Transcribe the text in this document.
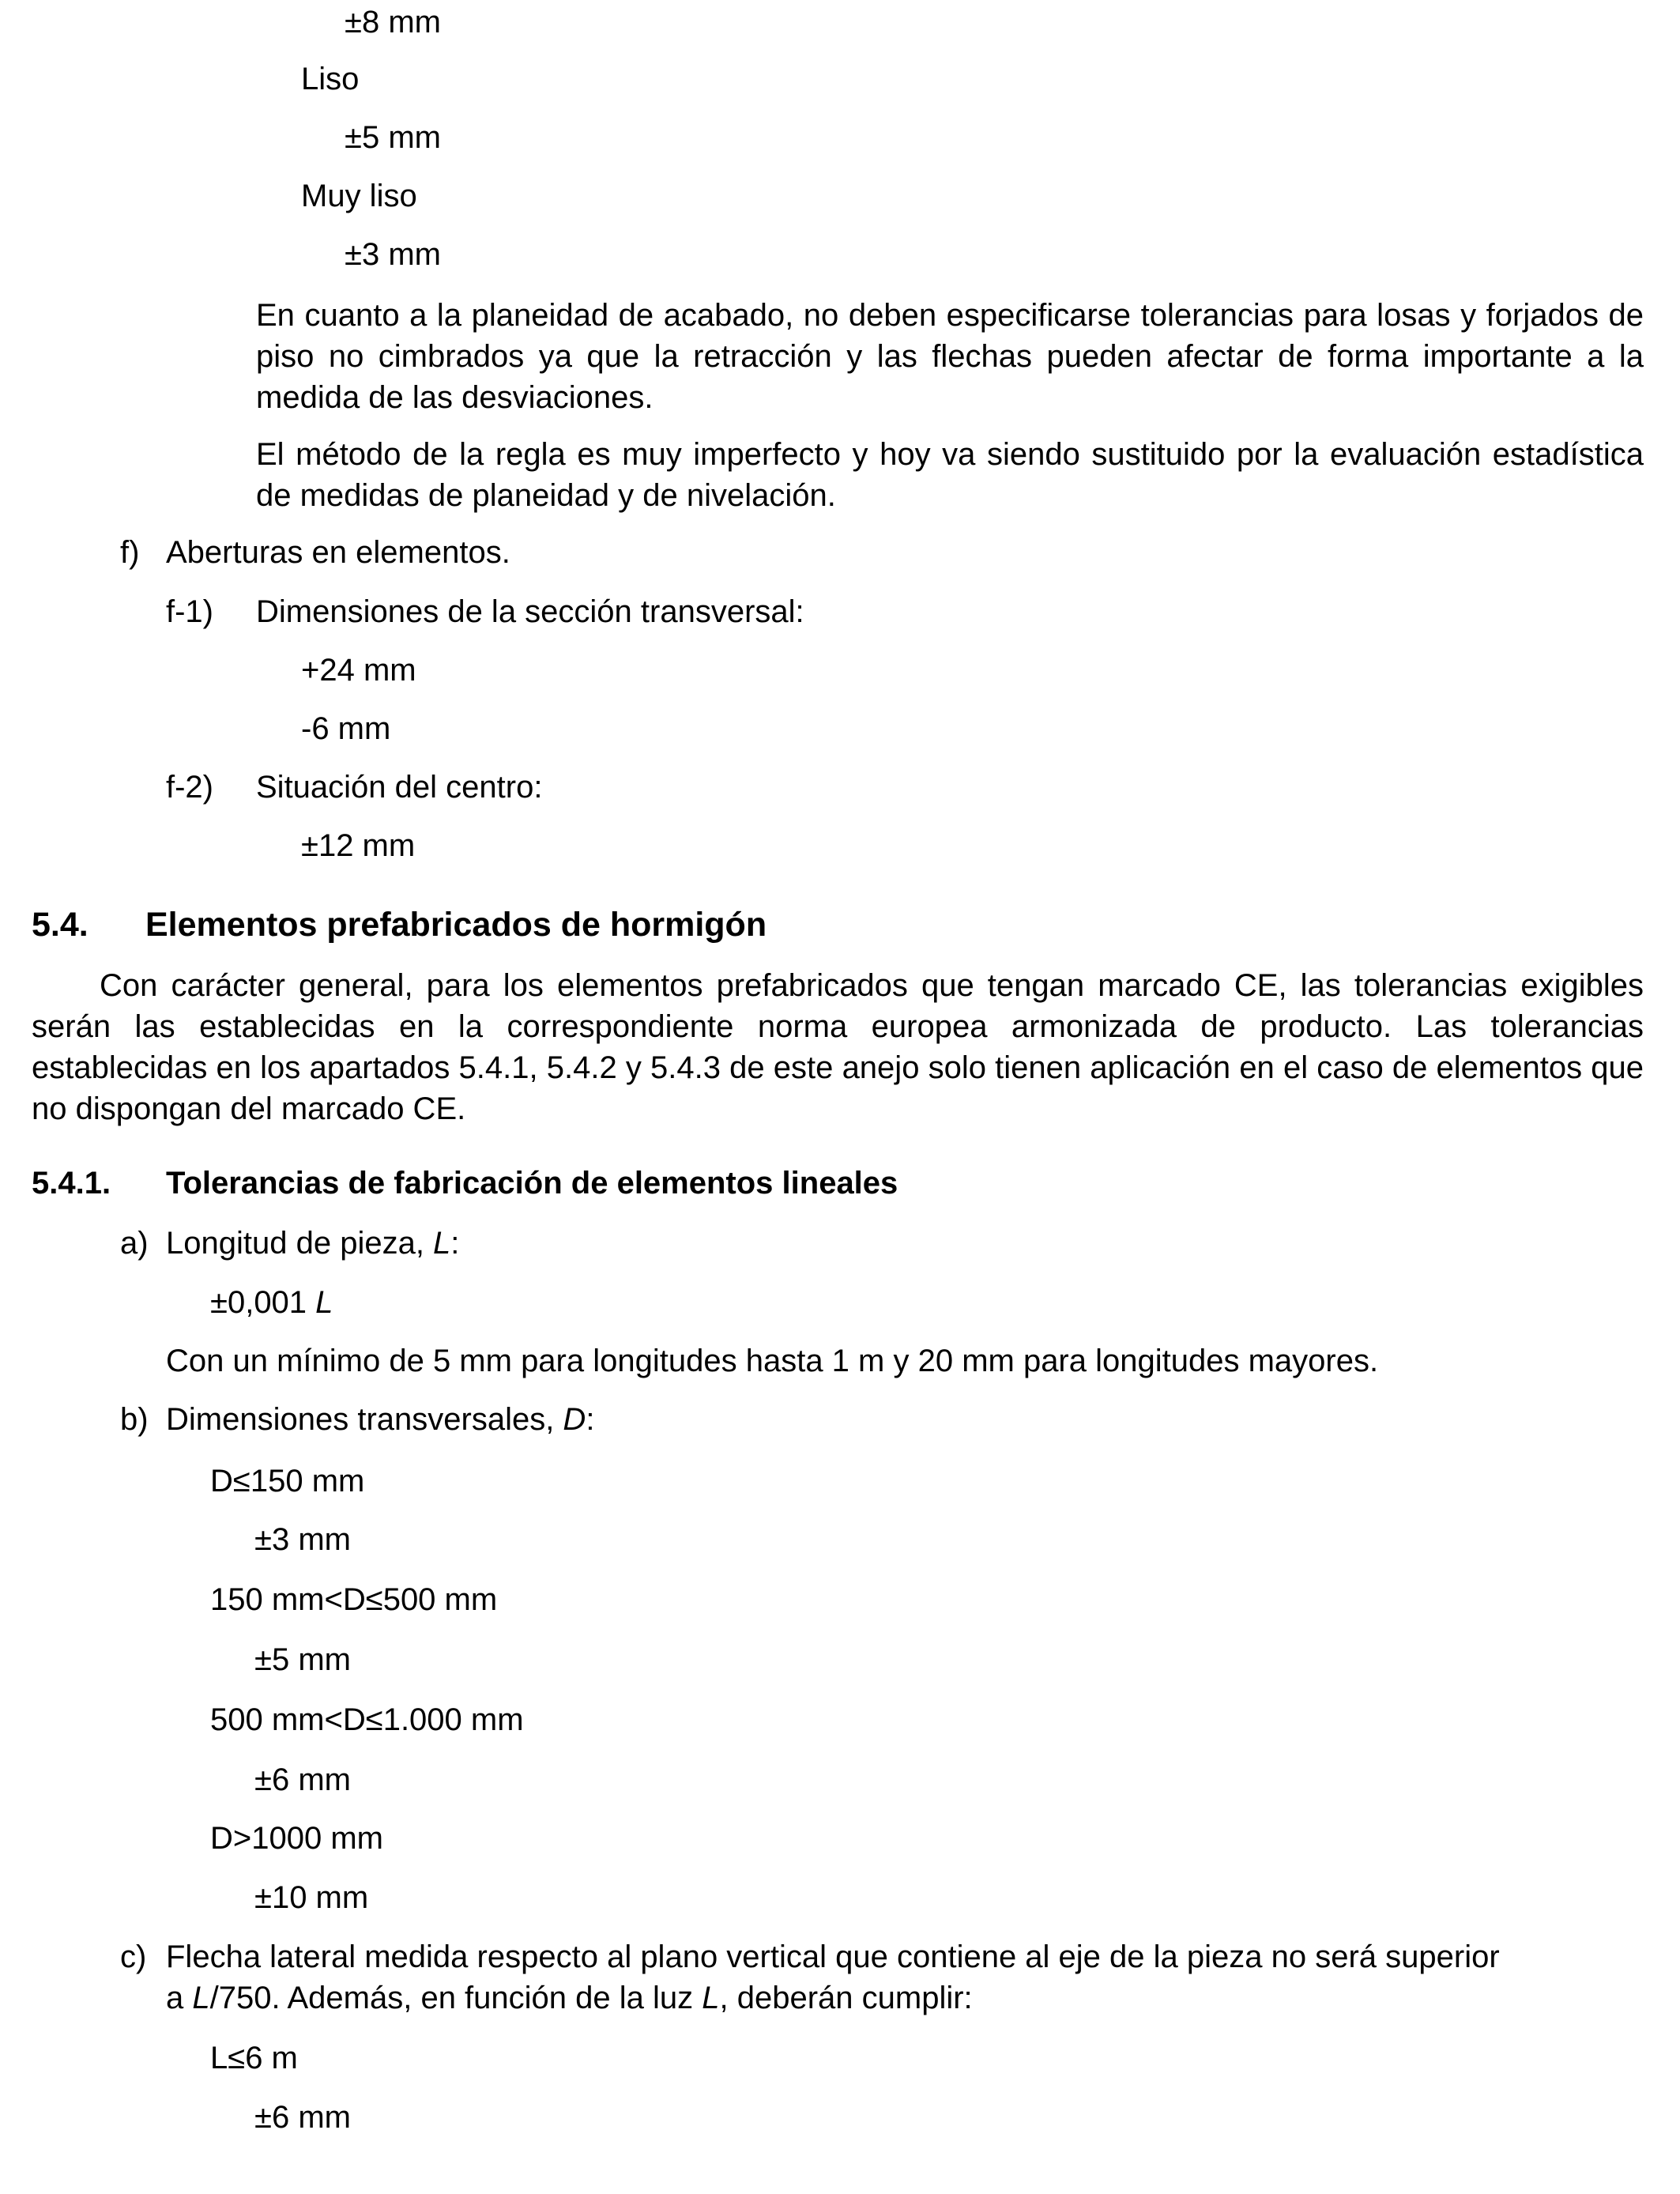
±8 mm
Liso
±5 mm
Muy liso
±3 mm
En cuanto a la planeidad de acabado, no deben especificarse tolerancias para losas y forjados de piso no cimbrados ya que la retracción y las flechas pueden afectar de forma importante a la medida de las desviaciones.
El método de la regla es muy imperfecto y hoy va siendo sustituido por la evaluación estadística de medidas de planeidad y de nivelación.
f) Aberturas en elementos.
f-1) Dimensiones de la sección transversal:
+24 mm
-6 mm
f-2) Situación del centro:
±12 mm
5.4. Elementos prefabricados de hormigón
Con carácter general, para los elementos prefabricados que tengan marcado CE, las tolerancias exigibles serán las establecidas en la correspondiente norma europea armonizada de producto. Las tolerancias establecidas en los apartados 5.4.1, 5.4.2 y 5.4.3 de este anejo solo tienen aplicación en el caso de elementos que no dispongan del marcado CE.
5.4.1. Tolerancias de fabricación de elementos lineales
a) Longitud de pieza, L:
±0,001 L
Con un mínimo de 5 mm para longitudes hasta 1 m y 20 mm para longitudes mayores.
b) Dimensiones transversales, D:
D≤150 mm
±3 mm
150 mm<D≤500 mm
±5 mm
500 mm<D≤1.000 mm
±6 mm
D>1000 mm
±10 mm
c) Flecha lateral medida respecto al plano vertical que contiene al eje de la pieza no será superior
a L/750. Además, en función de la luz L, deberán cumplir:
L≤6 m
±6 mm
